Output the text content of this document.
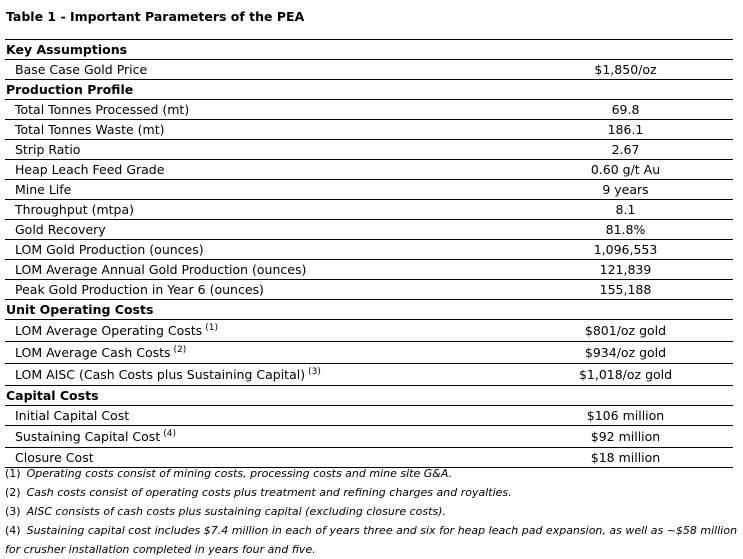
Table 1 - Important Parameters of the PEA
Key Assumptions	
Base Case Gold Price	$1,850/oz
Production Profile	
Total Tonnes Processed (mt)	69.8
Total Tonnes Waste (mt)	186.1
Strip Ratio	2.67
Heap Leach Feed Grade	0.60 g/t Au
Mine Life	9 years
Throughput (mtpa)	8.1
Gold Recovery	81.8%
LOM Gold Production (ounces)	1,096,553
LOM Average Annual Gold Production (ounces)	121,839
Peak Gold Production in Year 6 (ounces)	155,188
Unit Operating Costs	
LOM Average Operating Costs $^{(1)}$	$801/oz gold
LOM Average Cash Costs $^{(2)}$	$934/oz gold
LOM AISC (Cash Costs plus Sustaining Capital) $^{(3)}$	$1,018/oz gold
Capital Costs	
Initial Capital Cost	$106 million
Sustaining Capital Cost $^{(4)}$	$92 million
Closure Cost	$18 million
(1) Operating costs consist of mining costs, processing costs and mine site G&A.
(2) Cash costs consist of operating costs plus treatment and refining charges and royalties.
(3) AISC consists of cash costs plus sustaining capital (excluding closure costs).
(4) Sustaining capital cost includes $7.4 million in each of years three and six for heap leach pad expansion, as well as ~$58 million for crusher installation completed in years four and five.
